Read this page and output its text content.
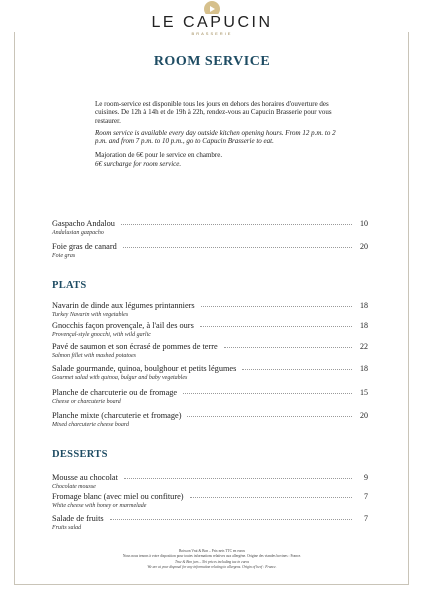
LE CAPUCIN
BRASSERIE
ROOM SERVICE

Le room-service est disponible tous les jours en dehors des horaires d'ouverture des cuisines. De 12h à 14h et de 19h à 22h, rendez-vous au Capucin Brasserie pour vous restaurer.

Room service is available every day outside kitchen opening hours. From 12 p.m. to 2 p.m. and from 7 p.m. to 10 p.m., go to Capucin Brasserie to eat.

Majoration de 6€ pour le service en chambre.

6€ surcharge for room service.

Gaspacho Andalou	10
Andalusian gazpacho
Foie gras de canard	20
Foie gras
PLATS
Navarin de dinde aux légumes printanniers	18
Turkey Navarin with vegetables
Gnocchis façon provençale, à l'ail des ours	18
Provençal-style gnocchi, with wild garlic
Pavé de saumon et son écrasé de pommes de terre	22
Salmon fillet with mashed potatoes
Salade gourmande, quinoa, boulghour et petits légumes	18
Gourmet salad with quinoa, bulgur and baby vegetables
Planche de charcuterie ou de fromage	15
Cheese or charcuterie board
Planche mixte (charcuterie et fromage)	20
Mixed charcuterie cheese board
DESSERTS
Mousse au chocolat	9
Chocolate mousse
Fromage blanc (avec miel ou confiture)	7
White cheese with honey or marmelade
Salade de fruits	7
Fruits salad
Boisson Vrai & Bon – Prix nets TTC en euros
Nous nous tenons à votre disposition pour toutes informations relatives aux allergène. Origine des viandes bovines : France.
True & Bon jars – Net prices including tax in euros
We are at your disposal for any information relating to allergens. Origin of beef : France.
